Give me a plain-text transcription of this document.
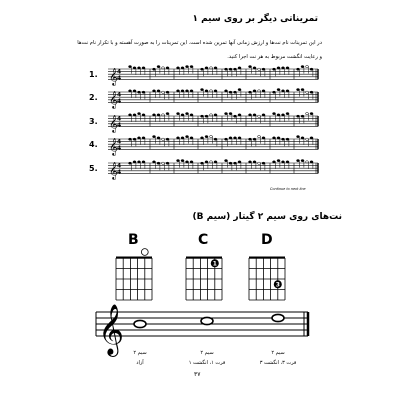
تمریناتی دیگر بر روی سیم ۱
در این تمرینات نام نت‌ها و ارزش زمانی آنها تمرین شده است. این تمرینات را به صورت آهسته و با تکرار نام نت‌ها
و رعایت انگشت مربوط به هر نت اجرا کنید.
1. 𝄞 4
4
2. 𝄞 4
4
3. 𝄞 4
4
4. 𝄞 4
4
5. 𝄞 4
4
Continue to next line
نت‌های روی سیم ۲ گیتار (سیم B)
B
سیم ۲
آزاد
C
1
سیم ۲
فرت ۱، انگشت ۱
D
3
سیم ۲
فرت ۳، انگشت ۳
𝄞
۳۷
